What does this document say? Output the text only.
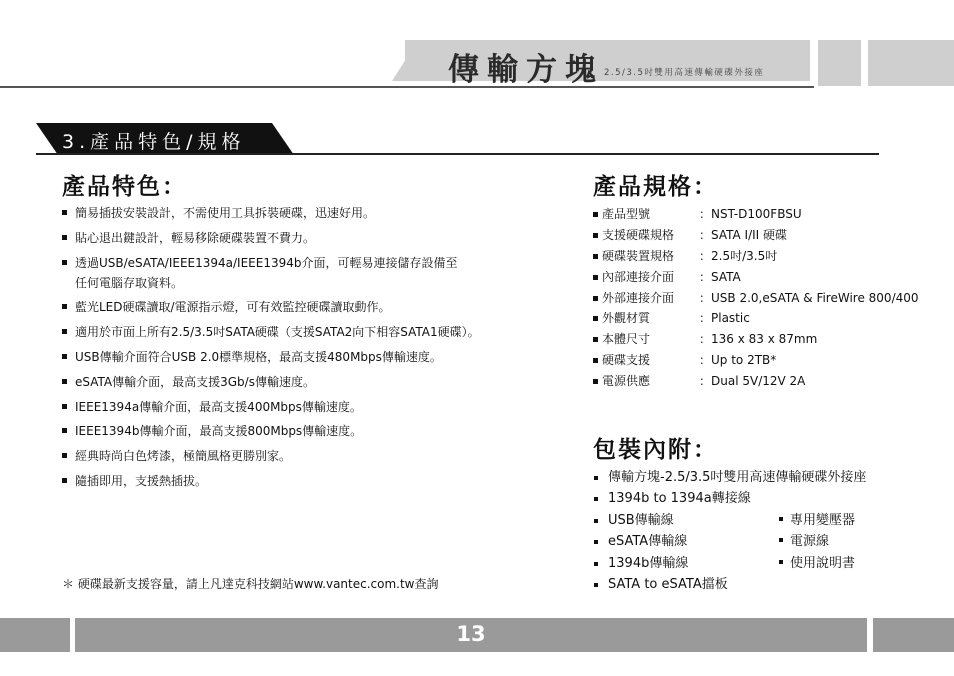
傳輸方塊 2.5/3.5吋雙用高速傳輸硬碟外接座
3.產品特色/規格
產品特色：
簡易插拔安裝設計，不需使用工具拆裝硬碟，迅速好用。
貼心退出鍵設計，輕易移除硬碟裝置不費力。
透過USB/eSATA/IEEE1394a/IEEE1394b介面，可輕易連接儲存設備至
任何電腦存取資料。
藍光LED硬碟讀取/電源指示燈，可有效監控硬碟讀取動作。
適用於市面上所有2.5/3.5吋SATA硬碟（支援SATA2向下相容SATA1硬碟）。
USB傳輸介面符合USB 2.0標準規格，最高支援480Mbps傳輸速度。
eSATA傳輸介面，最高支援3Gb/s傳輸速度。
IEEE1394a傳輸介面，最高支援400Mbps傳輸速度。
IEEE1394b傳輸介面，最高支援800Mbps傳輸速度。
經典時尚白色烤漆，極簡風格更勝別家。
隨插即用，支援熱插拔。
＊ 硬碟最新支援容量，請上凡達克科技網站www.vantec.com.tw查詢
產品規格：
產品型號	：NST-D100FBSU
支援硬碟規格 ：SATA I/II 硬碟
硬碟裝置規格 ：2.5吋/3.5吋
內部連接介面 ：SATA
外部連接介面 ：USB 2.0,eSATA & FireWire 800/400
外觀材質	：Plastic
本體尺寸	：136 x 83 x 87mm
硬碟支援	：Up to 2TB*
電源供應	：Dual 5V/12V 2A
包裝內附：
傳輸方塊-2.5/3.5吋雙用高速傳輸硬碟外接座
1394b to 1394a轉接線
USB傳輸線
eSATA傳輸線
1394b傳輸線
SATA to eSATA擋板
專用變壓器
電源線
使用說明書
13
